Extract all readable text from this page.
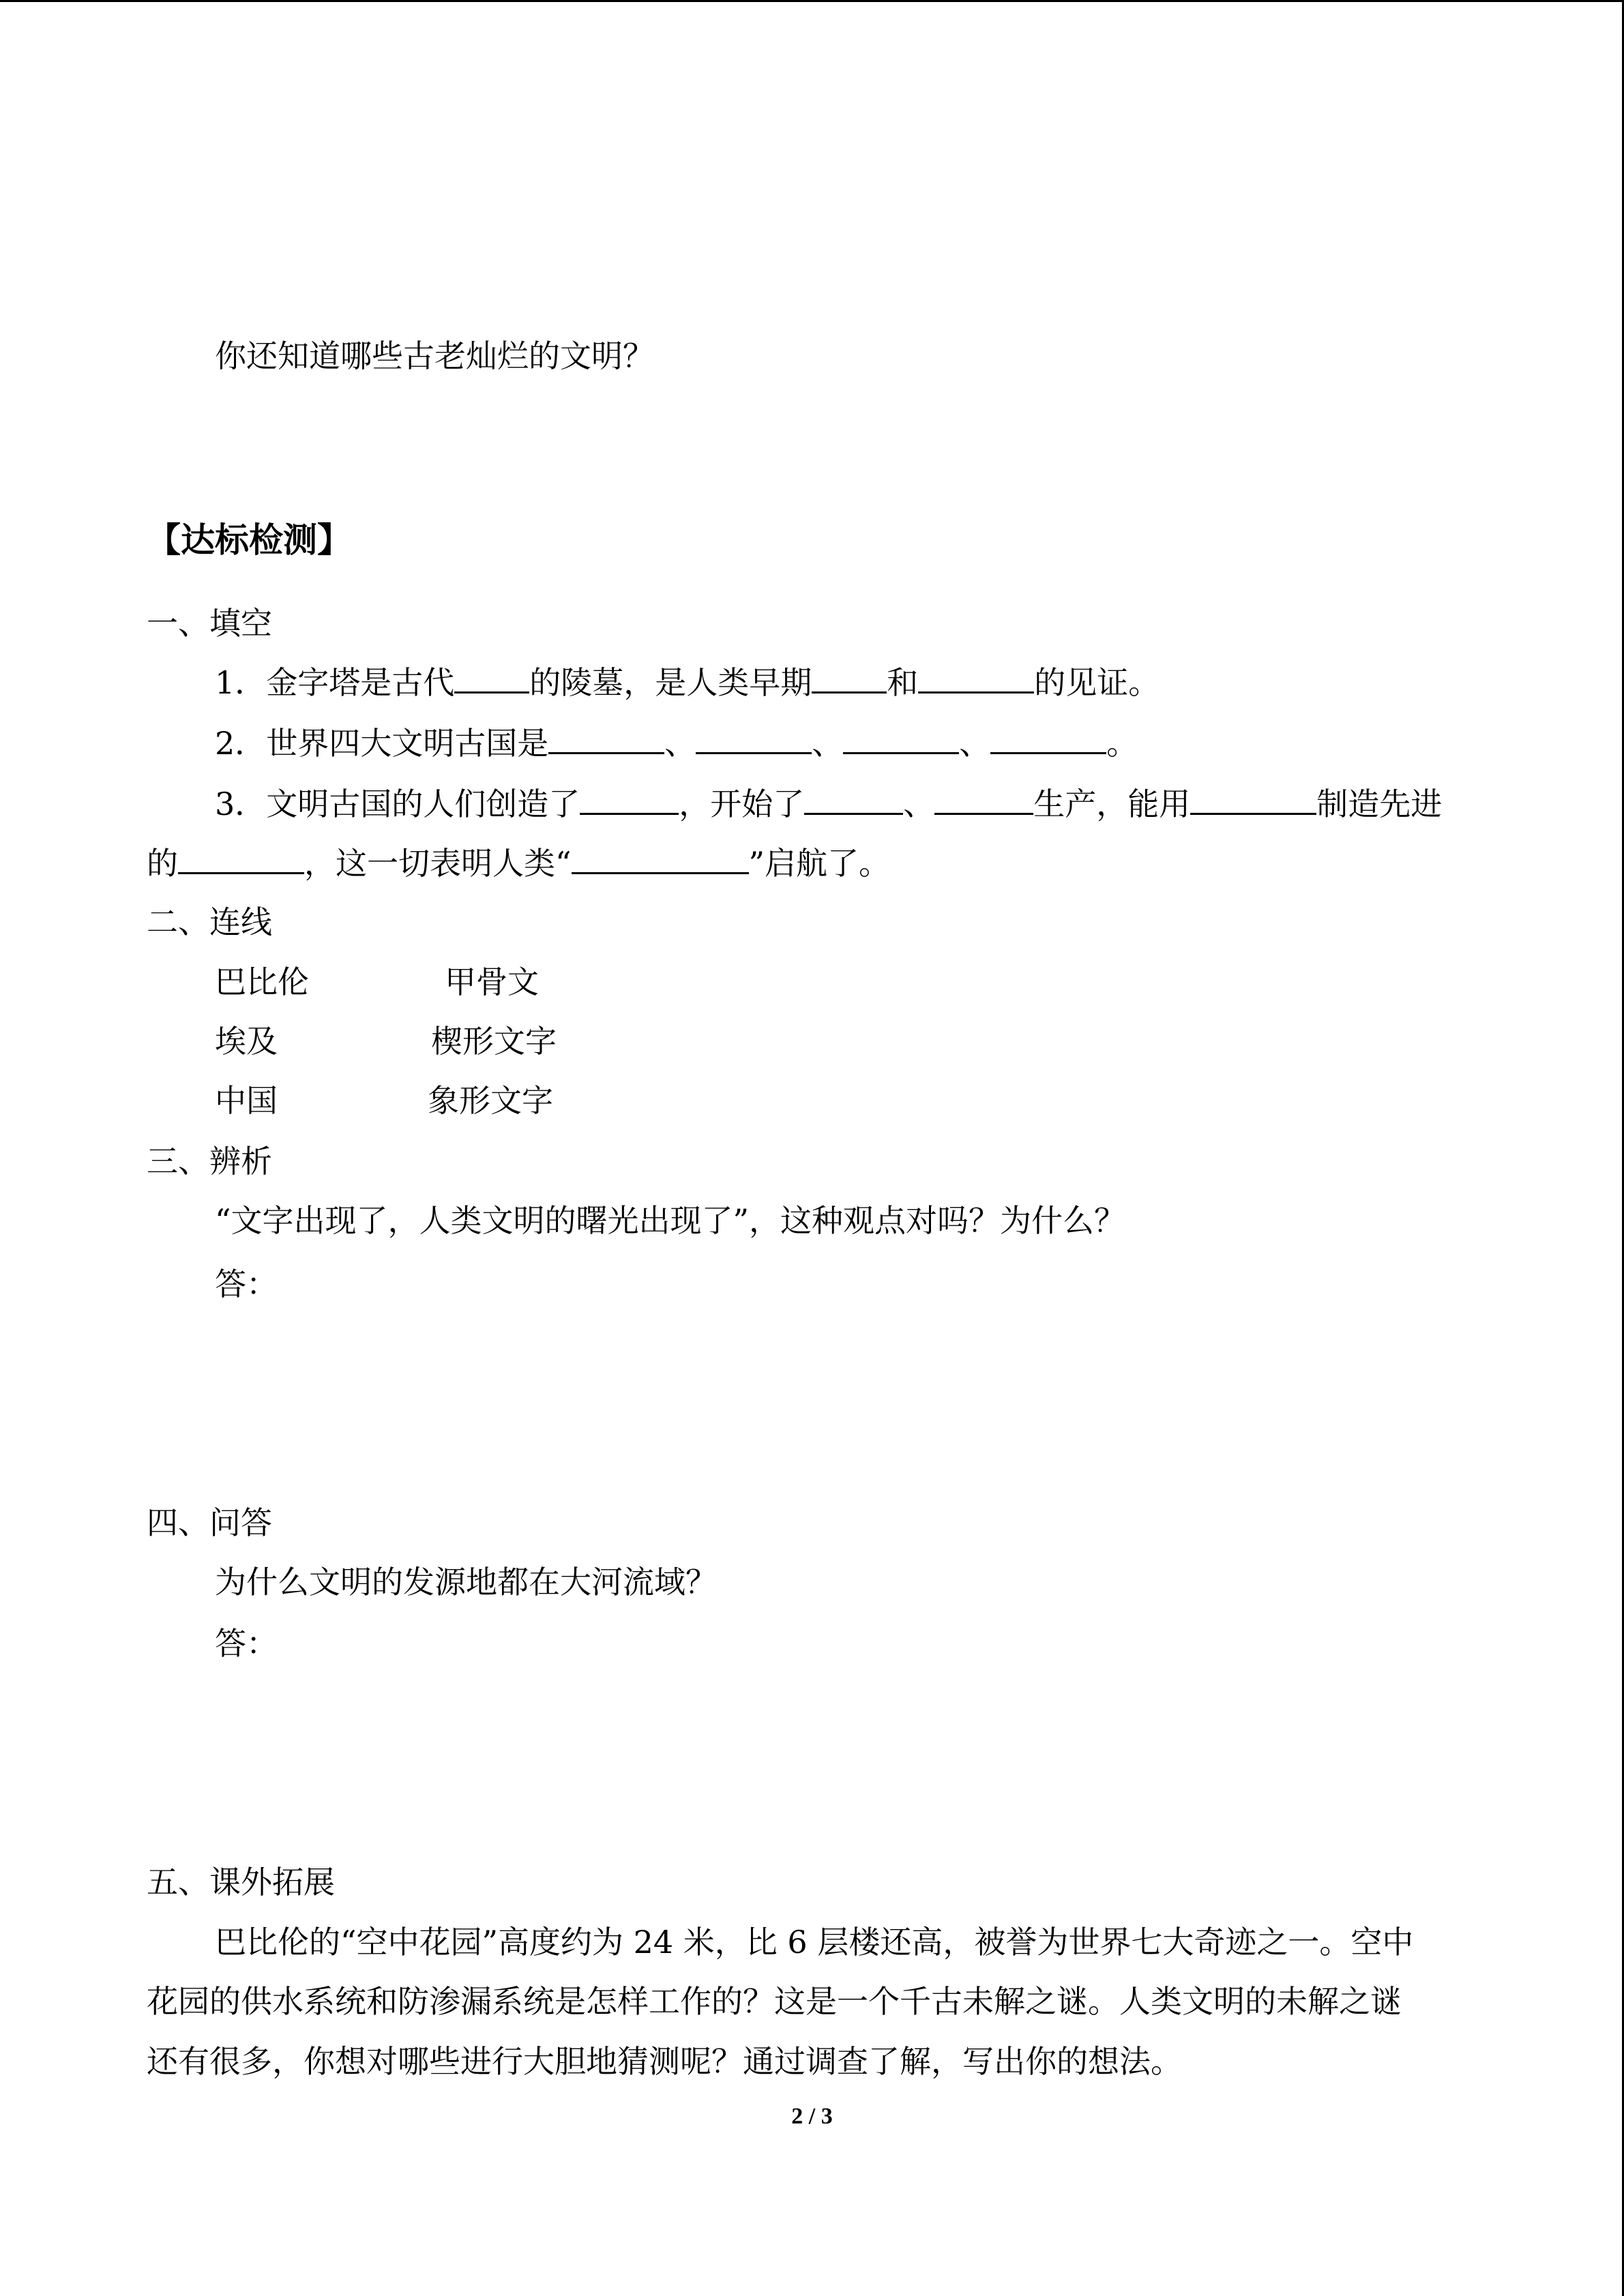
你还知道哪些古老灿烂的文明？
【达标检测】
一、填空
1．金字塔是古代 的陵墓，是人类早期 和	的见证。
2．世界四大文明古国是	、	、	、	。
3．文明古国的人们创造了	，开始了	、	生产，能用	制造先进
的	，这一切表明人类“	”启航了。
二、连线
巴比伦	甲骨文
埃及	楔形文字
中国	象形文字
三、辨析
“文字出现了，人类文明的曙光出现了”，这种观点对吗？为什么？
答：
四、问答
为什么文明的发源地都在大河流域？
答：
五、课外拓展
巴比伦的“空中花园”高度约为 24 米，比 6 层楼还高，被誉为世界七大奇迹之一。空中
花园的供水系统和防渗漏系统是怎样工作的？这是一个千古未解之谜。人类文明的未解之谜
还有很多，你想对哪些进行大胆地猜测呢？通过调查了解，写出你的想法。
2 / 3
